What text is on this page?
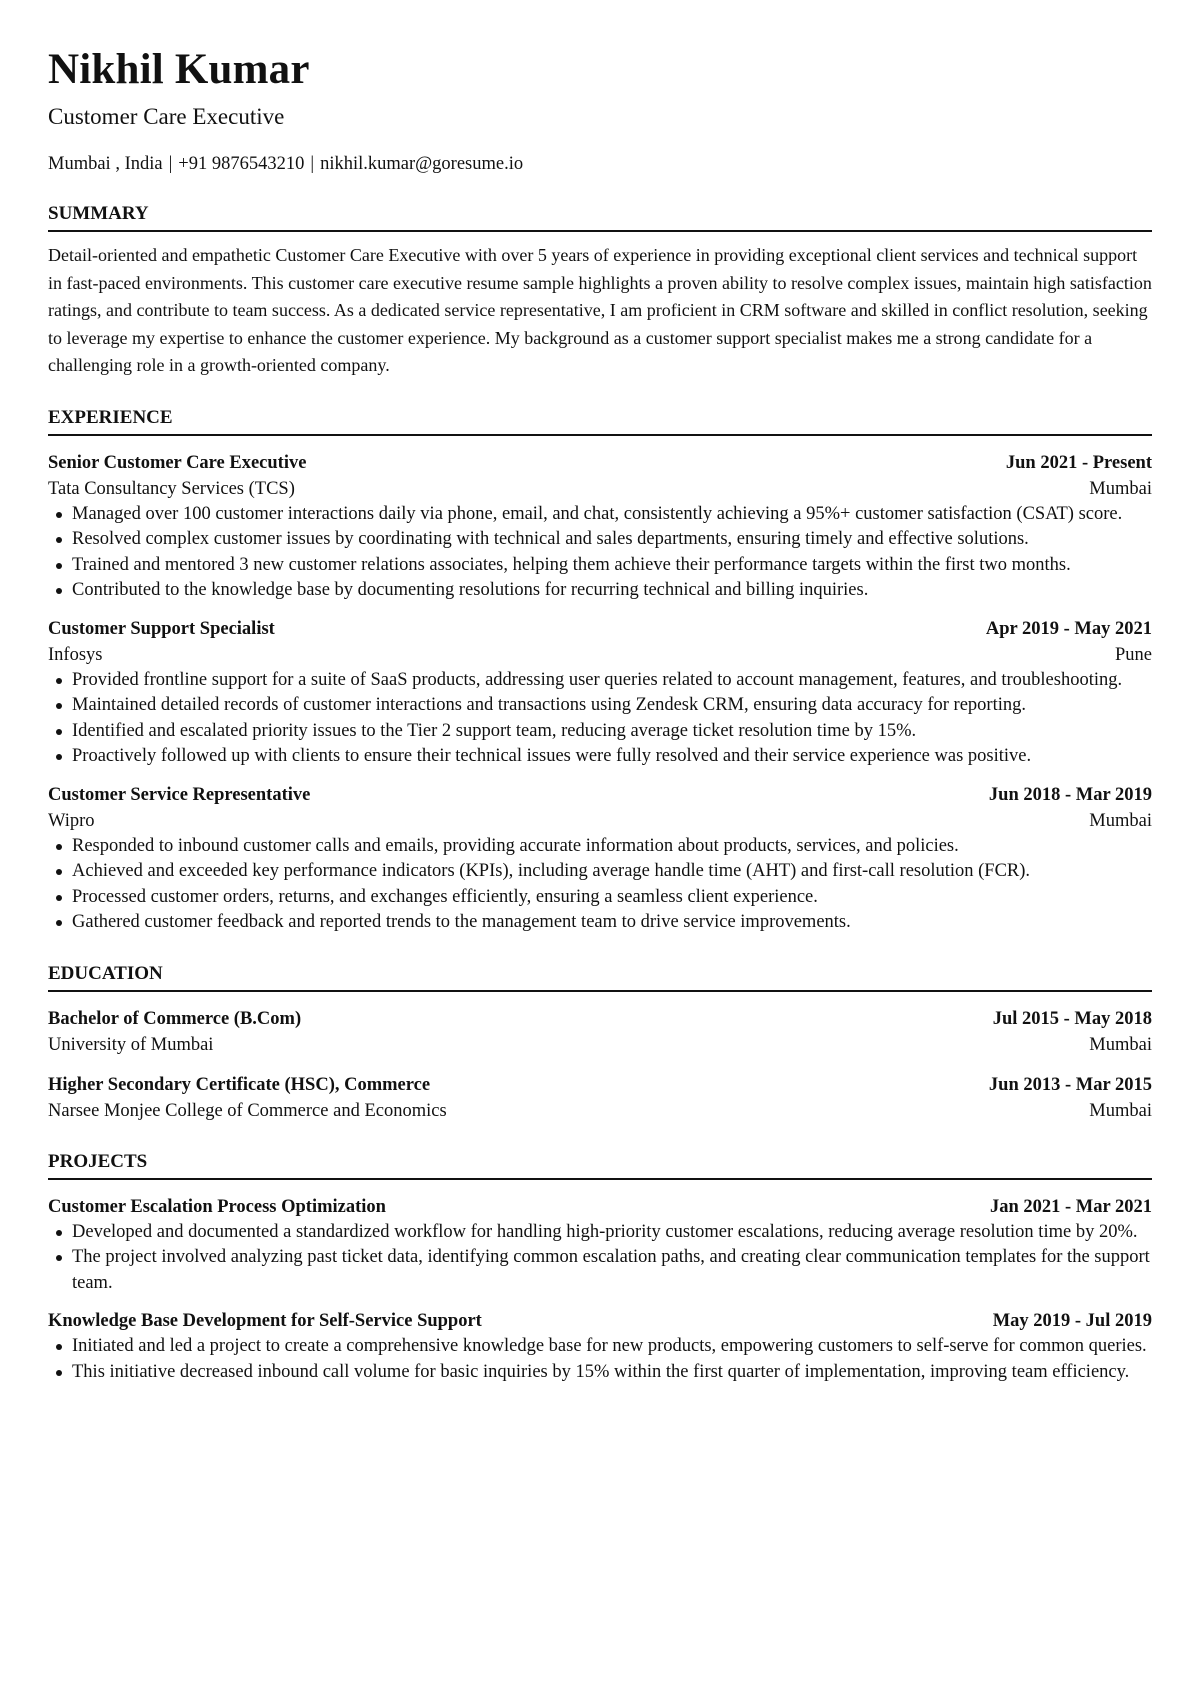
Nikhil Kumar
Customer Care Executive
Mumbai , India | +91 9876543210 | nikhil.kumar@goresume.io
SUMMARY

Detail-oriented and empathetic Customer Care Executive with over 5 years of experience in providing exceptional client services and technical support in fast-paced environments. This customer care executive resume sample highlights a proven ability to resolve complex issues, maintain high satisfaction ratings, and contribute to team success. As a dedicated service representative, I am proficient in CRM software and skilled in conflict resolution, seeking to leverage my expertise to enhance the customer experience. My background as a customer support specialist makes me a strong candidate for a challenging role in a growth-oriented company.

EXPERIENCE
Senior Customer Care Executive	Jun 2021 - Present
Tata Consultancy Services (TCS)	Mumbai
Managed over 100 customer interactions daily via phone, email, and chat, consistently achieving a 95%+ customer satisfaction (CSAT) score.
Resolved complex customer issues by coordinating with technical and sales departments, ensuring timely and effective solutions.
Trained and mentored 3 new customer relations associates, helping them achieve their performance targets within the first two months.
Contributed to the knowledge base by documenting resolutions for recurring technical and billing inquiries.
Customer Support Specialist	Apr 2019 - May 2021
Infosys	Pune
Provided frontline support for a suite of SaaS products, addressing user queries related to account management, features, and troubleshooting.
Maintained detailed records of customer interactions and transactions using Zendesk CRM, ensuring data accuracy for reporting.
Identified and escalated priority issues to the Tier 2 support team, reducing average ticket resolution time by 15%.
Proactively followed up with clients to ensure their technical issues were fully resolved and their service experience was positive.
Customer Service Representative	Jun 2018 - Mar 2019
Wipro	Mumbai
Responded to inbound customer calls and emails, providing accurate information about products, services, and policies.
Achieved and exceeded key performance indicators (KPIs), including average handle time (AHT) and first-call resolution (FCR).
Processed customer orders, returns, and exchanges efficiently, ensuring a seamless client experience.
Gathered customer feedback and reported trends to the management team to drive service improvements.
EDUCATION
Bachelor of Commerce (B.Com)	Jul 2015 - May 2018
University of Mumbai	Mumbai
Higher Secondary Certificate (HSC), Commerce	Jun 2013 - Mar 2015
Narsee Monjee College of Commerce and Economics	Mumbai
PROJECTS
Customer Escalation Process Optimization	Jan 2021 - Mar 2021
Developed and documented a standardized workflow for handling high-priority customer escalations, reducing average resolution time by 20%.
The project involved analyzing past ticket data, identifying common escalation paths, and creating clear communication templates for the support team.
Knowledge Base Development for Self-Service Support	May 2019 - Jul 2019
Initiated and led a project to create a comprehensive knowledge base for new products, empowering customers to self-serve for common queries.
This initiative decreased inbound call volume for basic inquiries by 15% within the first quarter of implementation, improving team efficiency.
